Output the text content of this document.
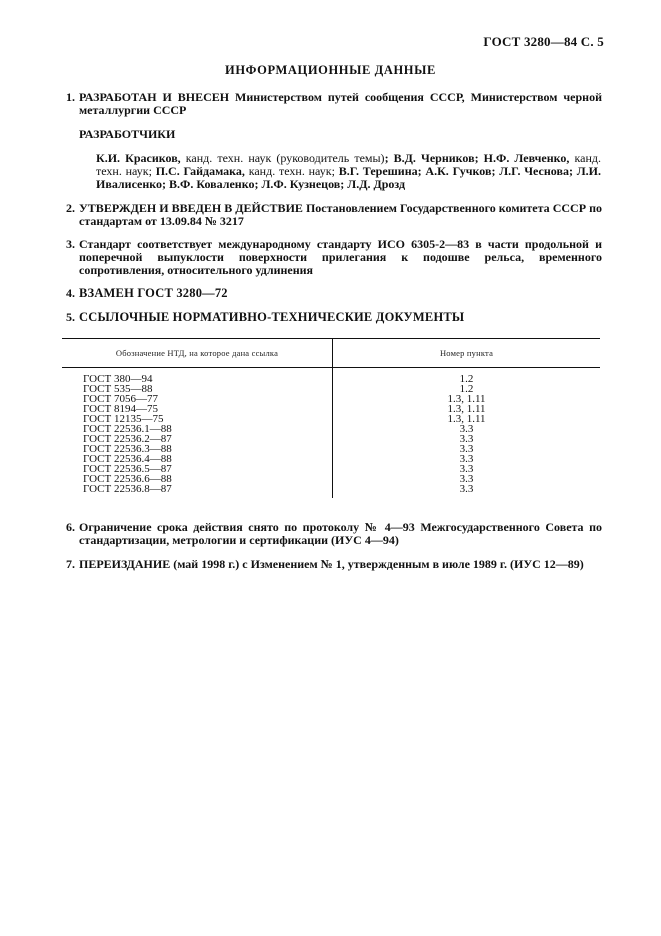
ГОСТ 3280—84 С. 5
ИНФОРМАЦИОННЫЕ ДАННЫЕ
1. РАЗРАБОТАН И ВНЕСЕН Министерством путей сообщения СССР, Министерством черной металлургии СССР
РАЗРАБОТЧИКИ
К.И. Красиков, канд. техн. наук (руководитель темы); В.Д. Черников; Н.Ф. Левченко, канд. техн. наук; П.С. Гайдамака, канд. техн. наук; В.Г. Терешина; А.К. Гучков; Л.Г. Чеснова; Л.И. Ивалисенко; В.Ф. Коваленко; Л.Ф. Кузнецов; Л.Д. Дрозд
2. УТВЕРЖДЕН И ВВЕДЕН В ДЕЙСТВИЕ Постановлением Государственного комитета СССР по стандартам от 13.09.84 № 3217
3. Стандарт соответствует международному стандарту ИСО 6305-2—83 в части продольной и поперечной выпуклости поверхности прилегания к подошве рельса, временного сопротивления, относительного удлинения
4. ВЗАМЕН ГОСТ 3280—72
5. ССЫЛОЧНЫЕ НОРМАТИВНО-ТЕХНИЧЕСКИЕ ДОКУМЕНТЫ
Обозначение НТД, на которое дана ссылка	Номер пункта
ГОСТ 380—94	1.2
ГОСТ 535—88	1.2
ГОСТ 7056—77	1.3, 1.11
ГОСТ 8194—75	1.3, 1.11
ГОСТ 12135—75	1.3, 1.11
ГОСТ 22536.1—88	3.3
ГОСТ 22536.2—87	3.3
ГОСТ 22536.3—88	3.3
ГОСТ 22536.4—88	3.3
ГОСТ 22536.5—87	3.3
ГОСТ 22536.6—88	3.3
ГОСТ 22536.8—87	3.3
6. Ограничение срока действия снято по протоколу № 4—93 Межгосударственного Совета по стандартизации, метрологии и сертификации (ИУС 4—94)
7. ПЕРЕИЗДАНИЕ (май 1998 г.) с Изменением № 1, утвержденным в июле 1989 г. (ИУС 12—89)
